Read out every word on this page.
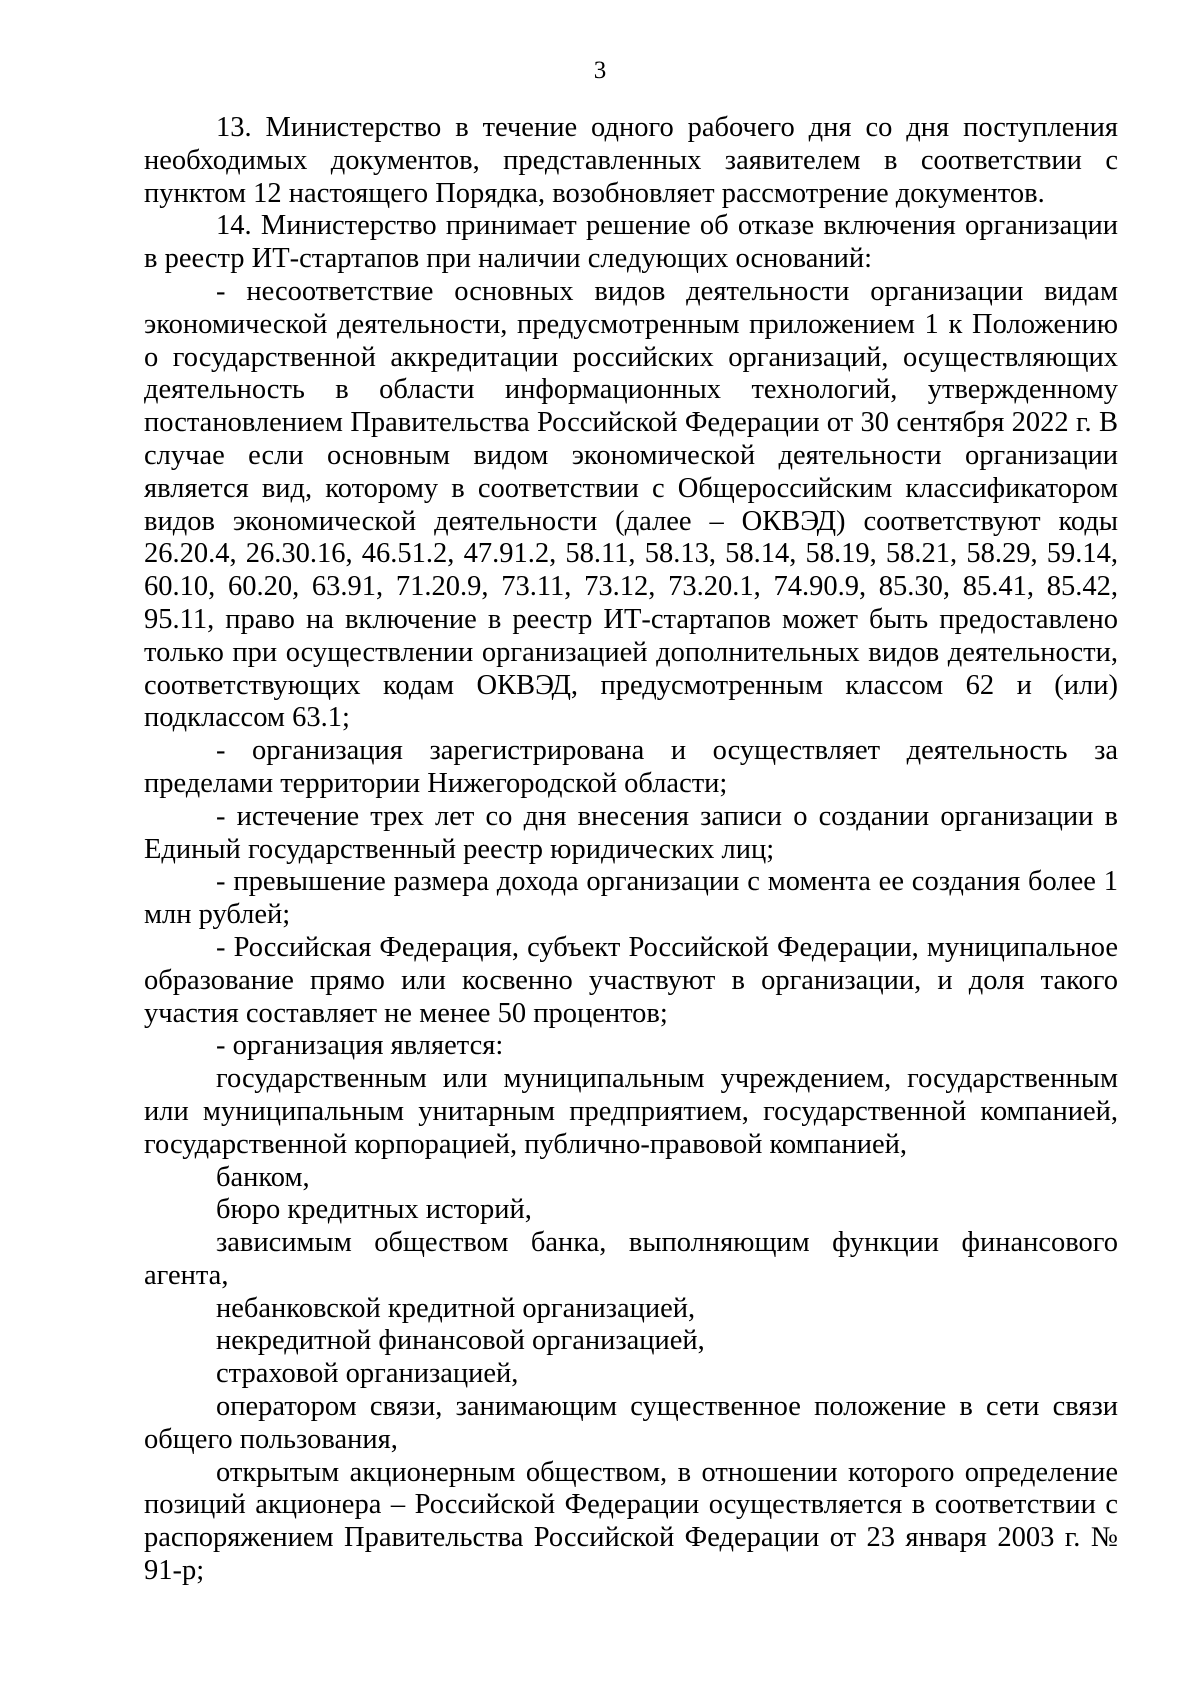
3

13. Министерство в течение одного рабочего дня со дня поступления необходимых документов, представленных заявителем в соответствии с пунктом 12 настоящего Порядка, возобновляет рассмотрение документов.

14. Министерство принимает решение об отказе включения организации в реестр ИТ-стартапов при наличии следующих оснований:

- несоответствие основных видов деятельности организации видам экономической деятельности, предусмотренным приложением 1 к Положению о государственной аккредитации российских организаций, осуществляющих деятельность в области информационных технологий, утвержденному постановлением Правительства Российской Федерации от 30 сентября 2022 г. В случае если основным видом экономической деятельности организации является вид, которому в соответствии с Общероссийским классификатором видов экономической деятельности (далее – ОКВЭД) соответствуют коды 26.20.4, 26.30.16, 46.51.2, 47.91.2, 58.11, 58.13, 58.14, 58.19, 58.21, 58.29, 59.14, 60.10, 60.20, 63.91, 71.20.9, 73.11, 73.12, 73.20.1, 74.90.9, 85.30, 85.41, 85.42, 95.11, право на включение в реестр ИТ-стартапов может быть предоставлено только при осуществлении организацией дополнительных видов деятельности, соответствующих кодам ОКВЭД, предусмотренным классом 62 и (или) подклассом 63.1;

- организация зарегистрирована и осуществляет деятельность за пределами территории Нижегородской области;

- истечение трех лет со дня внесения записи о создании организации в Единый государственный реестр юридических лиц;

- превышение размера дохода организации с момента ее создания более 1 млн рублей;

- Российская Федерация, субъект Российской Федерации, муниципальное образование прямо или косвенно участвуют в организации, и доля такого участия составляет не менее 50 процентов;

- организация является:

государственным или муниципальным учреждением, государственным или муниципальным унитарным предприятием, государственной компанией, государственной корпорацией, публично-правовой компанией,

банком,

бюро кредитных историй,

зависимым обществом банка, выполняющим функции финансового агента,

небанковской кредитной организацией,

некредитной финансовой организацией,

страховой организацией,

оператором связи, занимающим существенное положение в сети связи общего пользования,

открытым акционерным обществом, в отношении которого определение позиций акционера – Российской Федерации осуществляется в соответствии с распоряжением Правительства Российской Федерации от 23 января 2003 г. № 91-р;
